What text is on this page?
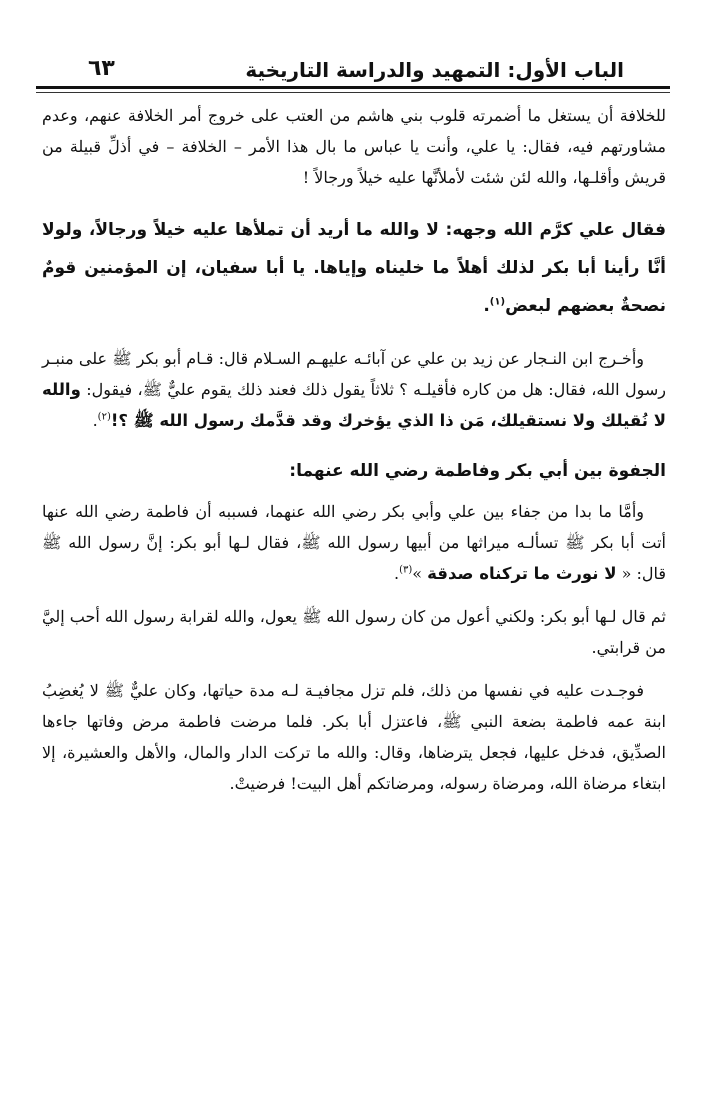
الباب الأول: التمهيد والدراسة التاريخية
٦٣

للخلافة أن يستغل ما أضمرته قلوب بني هاشم من العتب على خروج أمر الخلافة عنهم، وعدم مشاورتهم فيه، فقال: يا علي، وأنت يا عباس ما بال هذا الأمر – الخلافة – في أذلِّ قبيلة من قريش وأقلـها، والله لئن شئت لأملأنَّها عليه خيلاً ورجالاً !

فقال علي كرَّم الله وجهه: لا والله ما أريد أن تملأها عليه خيلاً ورجالاً، ولولا أنَّا رأينا أبا بكر لذلك أهلاً ما خليناه وإياها. يا أبا سفيان، إن المؤمنين قومٌ نصحةٌ بعضهم لبعض$^{(١)}$.

وأخـرج ابن النـجار عن زيد بن علي عن آبائـه عليهـم السـلام قال: قـام أبو بكر ﷺ على منبـر رسول الله، فقال: هل من كاره فأقيلـه ؟ ثلاثاً يقول ذلك فعند ذلك يقوم عليٌّ ﷺ، فيقول: والله لا نُقيلك ولا نستقيلك، مَن ذا الذي يؤخرك وقد قدَّمك رسول الله ﷺ ؟!$^{(٢)}$.

الجفوة بين أبي بكر وفاطمة رضي الله عنهما:

وأمَّا ما بدا من جفاء بين علي وأبي بكر رضي الله عنهما، فسببه أن فاطمة رضي الله عنها أتت أبا بكر ﷺ تسألـه ميراثها من أبيها رسول الله ﷺ، فقال لـها أبو بكر: إنَّ رسول الله ﷺ قال: « لا نورث ما تركناه صدقة »$^{(٣)}$.

ثم قال لـها أبو بكر: ولكني أعول من كان رسول الله ﷺ يعول، والله لقرابة رسول الله أحب إليَّ من قرابتي.

فوجـدت عليه في نفسها من ذلك، فلم تزل مجافيـة لـه مدة حياتها، وكان عليٌّ ﷺ لا يُغضِبُ ابنة عمه فاطمة بضعة النبي ﷺ، فاعتزل أبا بكر. فلما مرضت فاطمة مرض وفاتها جاءها الصدِّيق، فدخل عليها، فجعل يترضاها، وقال: والله ما تركت الدار والمال، والأهل والعشيرة، إلا ابتغاء مرضاة الله، ومرضاة رسوله، ومرضاتكم أهل البيت! فرضيتْ.
